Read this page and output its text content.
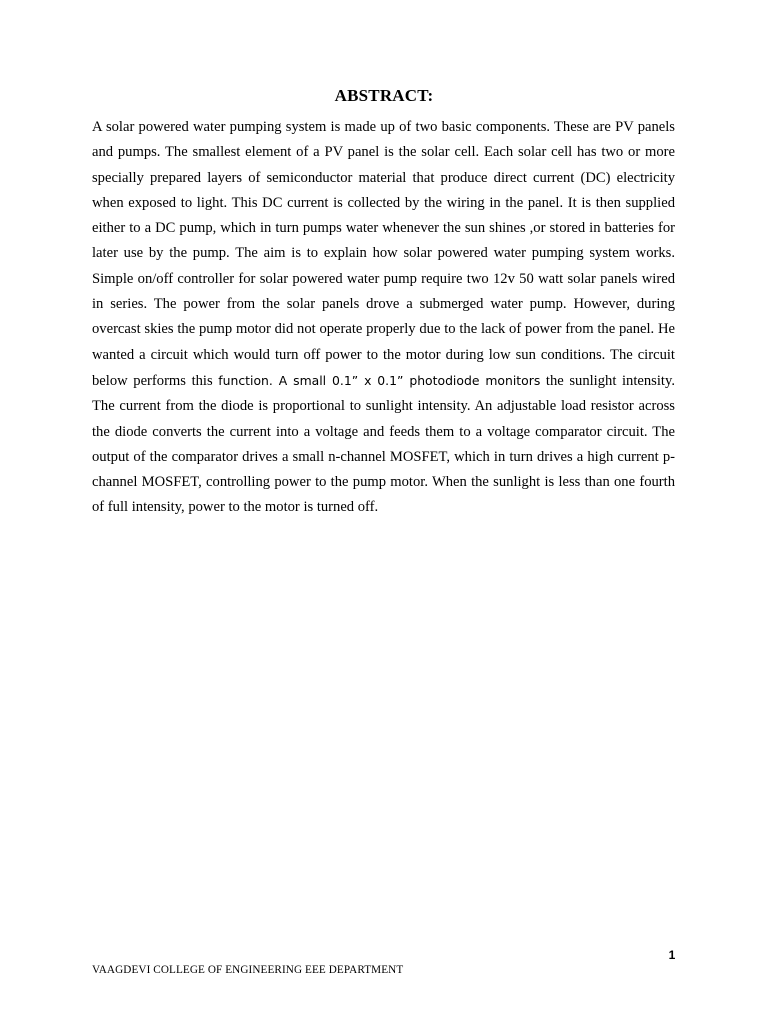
ABSTRACT:

A solar powered water pumping system is made up of two basic components. These are PV panels and pumps. The smallest element of a PV panel is the solar cell. Each solar cell has two or more specially prepared layers of semiconductor material that produce direct current (DC) electricity when exposed to light. This DC current is collected by the wiring in the panel. It is then supplied either to a DC pump, which in turn pumps water whenever the sun shines ,or stored in batteries for later use by the pump. The aim is to explain how solar powered water pumping system works. Simple on/off controller for solar powered water pump require two 12v 50 watt solar panels wired in series. The power from the solar panels drove a submerged water pump. However, during overcast skies the pump motor did not operate properly due to the lack of power from the panel. He wanted a circuit which would turn off power to the motor during low sun conditions. The circuit below performs this function. A small 0.1” x 0.1” photodiode monitors the sunlight intensity. The current from the diode is proportional to sunlight intensity. An adjustable load resistor across the diode converts the current into a voltage and feeds them to a voltage comparator circuit. The output of the comparator drives a small n-channel MOSFET, which in turn drives a high current p-channel MOSFET, controlling power to the pump motor. When the sunlight is less than one fourth of full intensity, power to the motor is turned off.

1
VAAGDEVI COLLEGE OF ENGINEERING EEE DEPARTMENT
